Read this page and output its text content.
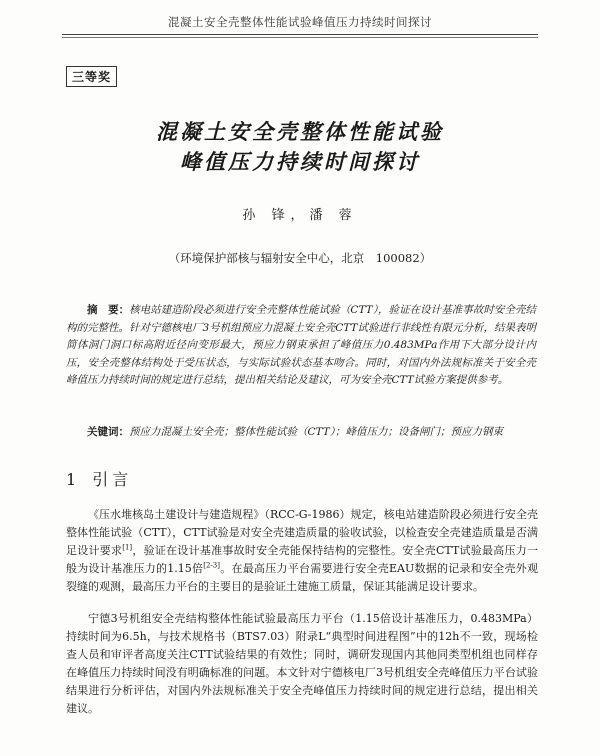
混凝土安全壳整体性能试验峰值压力持续时间探讨
三等奖
混凝土安全壳整体性能试验
峰值压力持续时间探讨
孙 锋，潘 蓉
（环境保护部核与辐射安全中心，北京　100082）
摘　要：核电站建造阶段必须进行安全壳整体性能试验（CTT），验证在设计基准事故时安全壳结构的完整性。针对宁德核电厂3号机组预应力混凝土安全壳CTT试验进行非线性有限元分析，结果表明简体洞门洞口标高附近径向变形最大，预应力钢束承担了峰值压力0.483MPa作用下大部分设计内压，安全壳整体结构处于受压状态，与实际试验状态基本吻合。同时，对国内外法规标准关于安全壳峰值压力持续时间的规定进行总结，提出相关结论及建议，可为安全壳CTT试验方案提供参考。
关键词：预应力混凝土安全壳；整体性能试验（CTT）；峰值压力；设备闸门；预应力钢束
1 引言
《压水堆核岛土建设计与建造规程》（RCC-G-1986）规定，核电站建造阶段必须进行安全壳整体性能试验（CTT），CTT试验是对安全壳建造质量的验收试验，以检查安全壳建造质量是否满足设计要求[1]，验证在设计基准事故时安全壳能保持结构的完整性。安全壳CTT试验最高压力一般为设计基准压力的1.15倍[2-3]。在最高压力平台需要进行安全壳EAU数据的记录和安全壳外观裂缝的观测，最高压力平台的主要目的是验证土建施工质量，保证其能满足设计要求。
宁德3号机组安全壳结构整体性能试验最高压力平台（1.15倍设计基准压力，0.483MPa）持续时间为6.5h，与技术规格书（BTS7.03）附录L“典型时间进程图”中的12h不一致，现场检查人员和审评者高度关注CTT试验结果的有效性；同时，调研发现国内其他同类型机组也同样存在峰值压力持续时间没有明确标准的问题。本文针对宁德核电厂3号机组安全壳峰值压力平台试验结果进行分析评估，对国内外法规标准关于安全壳峰值压力持续时间的规定进行总结，提出相关建议。
